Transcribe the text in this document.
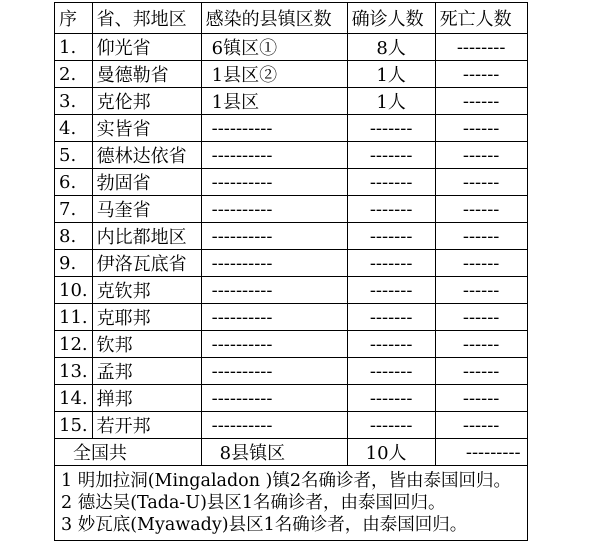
序	省、邦地区	感染的县镇区数	确诊人数	死亡人数
1.	仰光省	6镇区①	8人	--------
2.	曼德勒省	1县区②	1人	------
3.	克伦邦	1县区	1人	------
4.	实皆省	----------	-------	------
5.	德林达依省	----------	-------	------
6.	勃固省	----------	-------	------
7.	马奎省	----------	-------	------
8.	内比都地区	----------	-------	------
9.	伊洛瓦底省	----------	-------	------
10.	克钦邦	----------	-------	------
11.	克耶邦	----------	-------	------
12.	钦邦	----------	-------	------
13.	孟邦	----------	-------	------
14.	掸邦	----------	-------	------
15.	若开邦	----------	-------	------
全国共		8县镇区	10人	---------

1 明加拉洞(Mingaladon )镇2名确诊者，皆由泰国回归。
2 德达吴(Tada-U)县区1名确诊者，由泰国回归。
3 妙瓦底(Myawady)县区1名确诊者，由泰国回归。				
